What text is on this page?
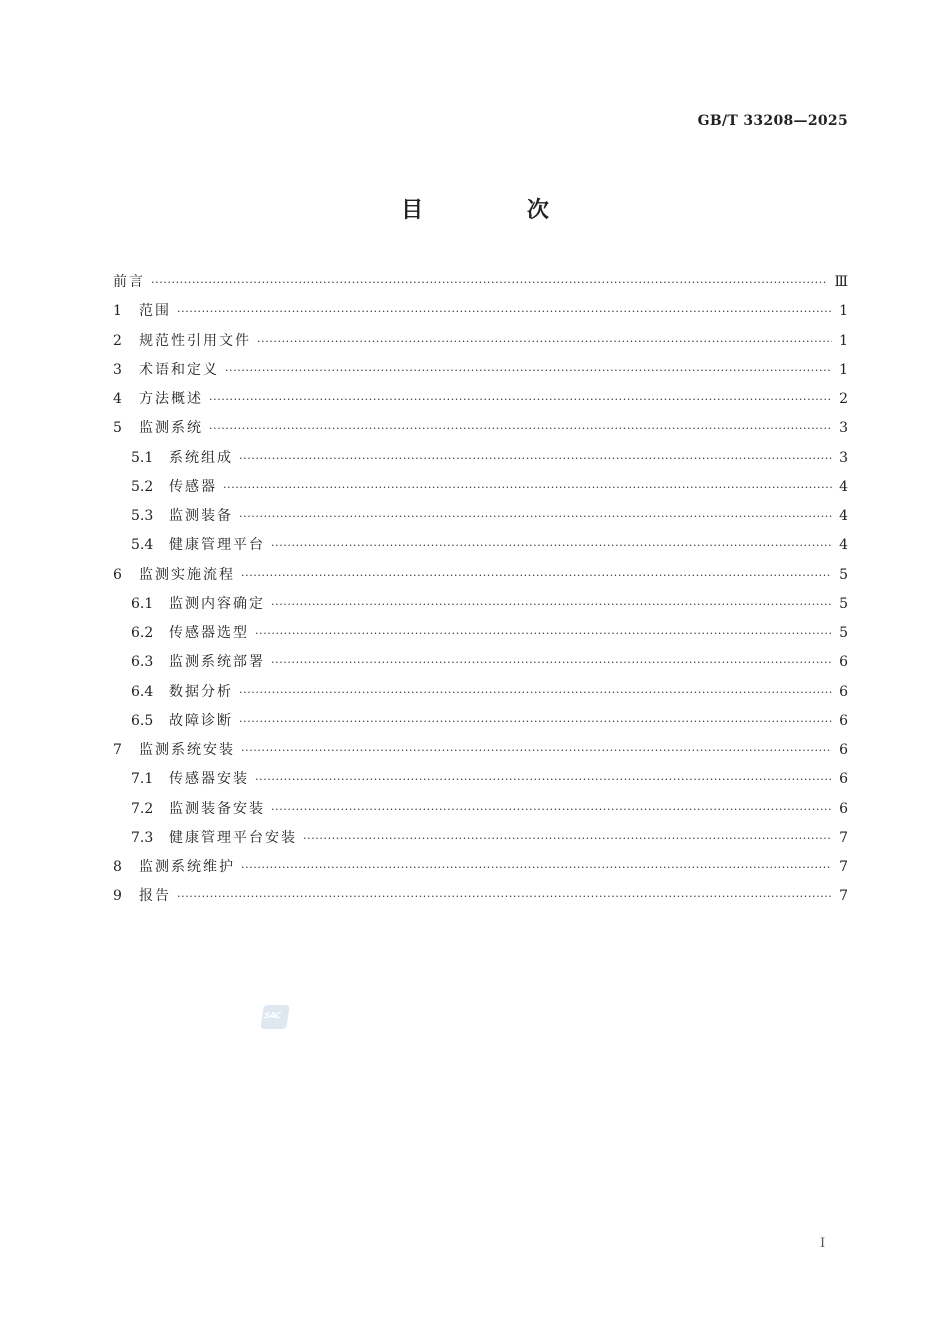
GB/T 33208—2025
目 次
前言 ·····	Ⅲ
1	范围 ·····	1
2	规范性引用文件 ·····	1
3	术语和定义 ·····	1
4	方法概述 ·····	2
5	监测系统 ·····	3
5.1	系统组成 ·····	3
5.2	传感器 ·····	4
5.3	监测装备 ·····	4
5.4	健康管理平台 ·····	4
6	监测实施流程 ·····	5
6.1	监测内容确定 ·····	5
6.2	传感器选型 ·····	5
6.3	监测系统部署 ·····	6
6.4	数据分析 ·····	6
6.5	故障诊断 ·····	6
7	监测系统安装 ·····	6
7.1	传感器安装 ·····	6
7.2	监测装备安装 ·····	6
7.3	健康管理平台安装 ·····	7
8	监测系统维护 ·····	7
9	报告 ·····	7
SAC
I
